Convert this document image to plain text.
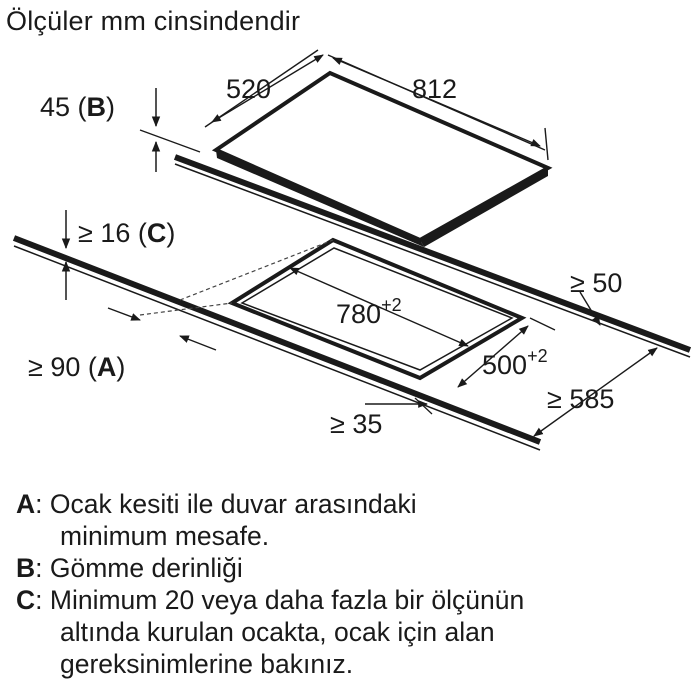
Ölçüler mm cinsindendir
520	812
45 (B)
≥ 16 (C)
≥ 50
$780^{+2}$
$500^{+2}$
≥ 90 (A)
≥ 585
≥ 35
A : Ocak kesiti ile duvar arasındaki
minimum mesafe.
B : Gömme derinliği
C : Minimum 20 veya daha fazla bir ölçünün
altında kurulan ocakta, ocak için alan
gereksinimlerine bakınız.
